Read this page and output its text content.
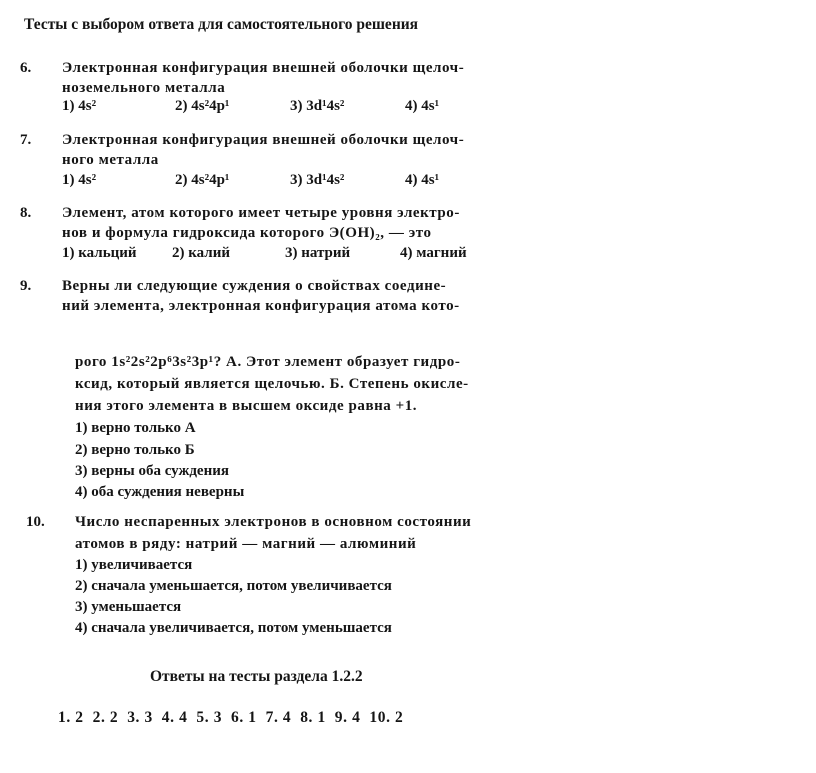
Тесты с выбором ответа для самостоятельного решения
6. Электронная конфигурация внешней оболочки щелоч-
ноземельного металла
1) 4s²	2) 4s²4p¹	3) 3d¹4s²	4) 4s¹
7. Электронная конфигурация внешней оболочки щелоч-
ного металла
1) 4s²	2) 4s²4p¹	3) 3d¹4s²	4) 4s¹
8. Элемент, атом которого имеет четыре уровня электро-
нов и формула гидроксида которого Э(ОН)₂, — это
1) кальций 2) калий	3) натрий	4) магний
9. Верны ли следующие суждения о свойствах соедине-
ний элемента, электронная конфигурация атома кото-
рого 1s²2s²2p⁶3s²3p¹? А. Этот элемент образует гидро-
ксид, который является щелочью. Б. Степень окисле-
ния этого элемента в высшем оксиде равна +1.
1) верно только А
2) верно только Б
3) верны оба суждения
4) оба суждения неверны
10. Число неспаренных электронов в основном состоянии
атомов в ряду: натрий — магний — алюминий
1) увеличивается
2) сначала уменьшается, потом увеличивается
3) уменьшается
4) сначала увеличивается, потом уменьшается
Ответы на тесты раздела 1.2.2
1. 2  2. 2  3. 3  4. 4  5. 3  6. 1  7. 4  8. 1  9. 4  10. 2
